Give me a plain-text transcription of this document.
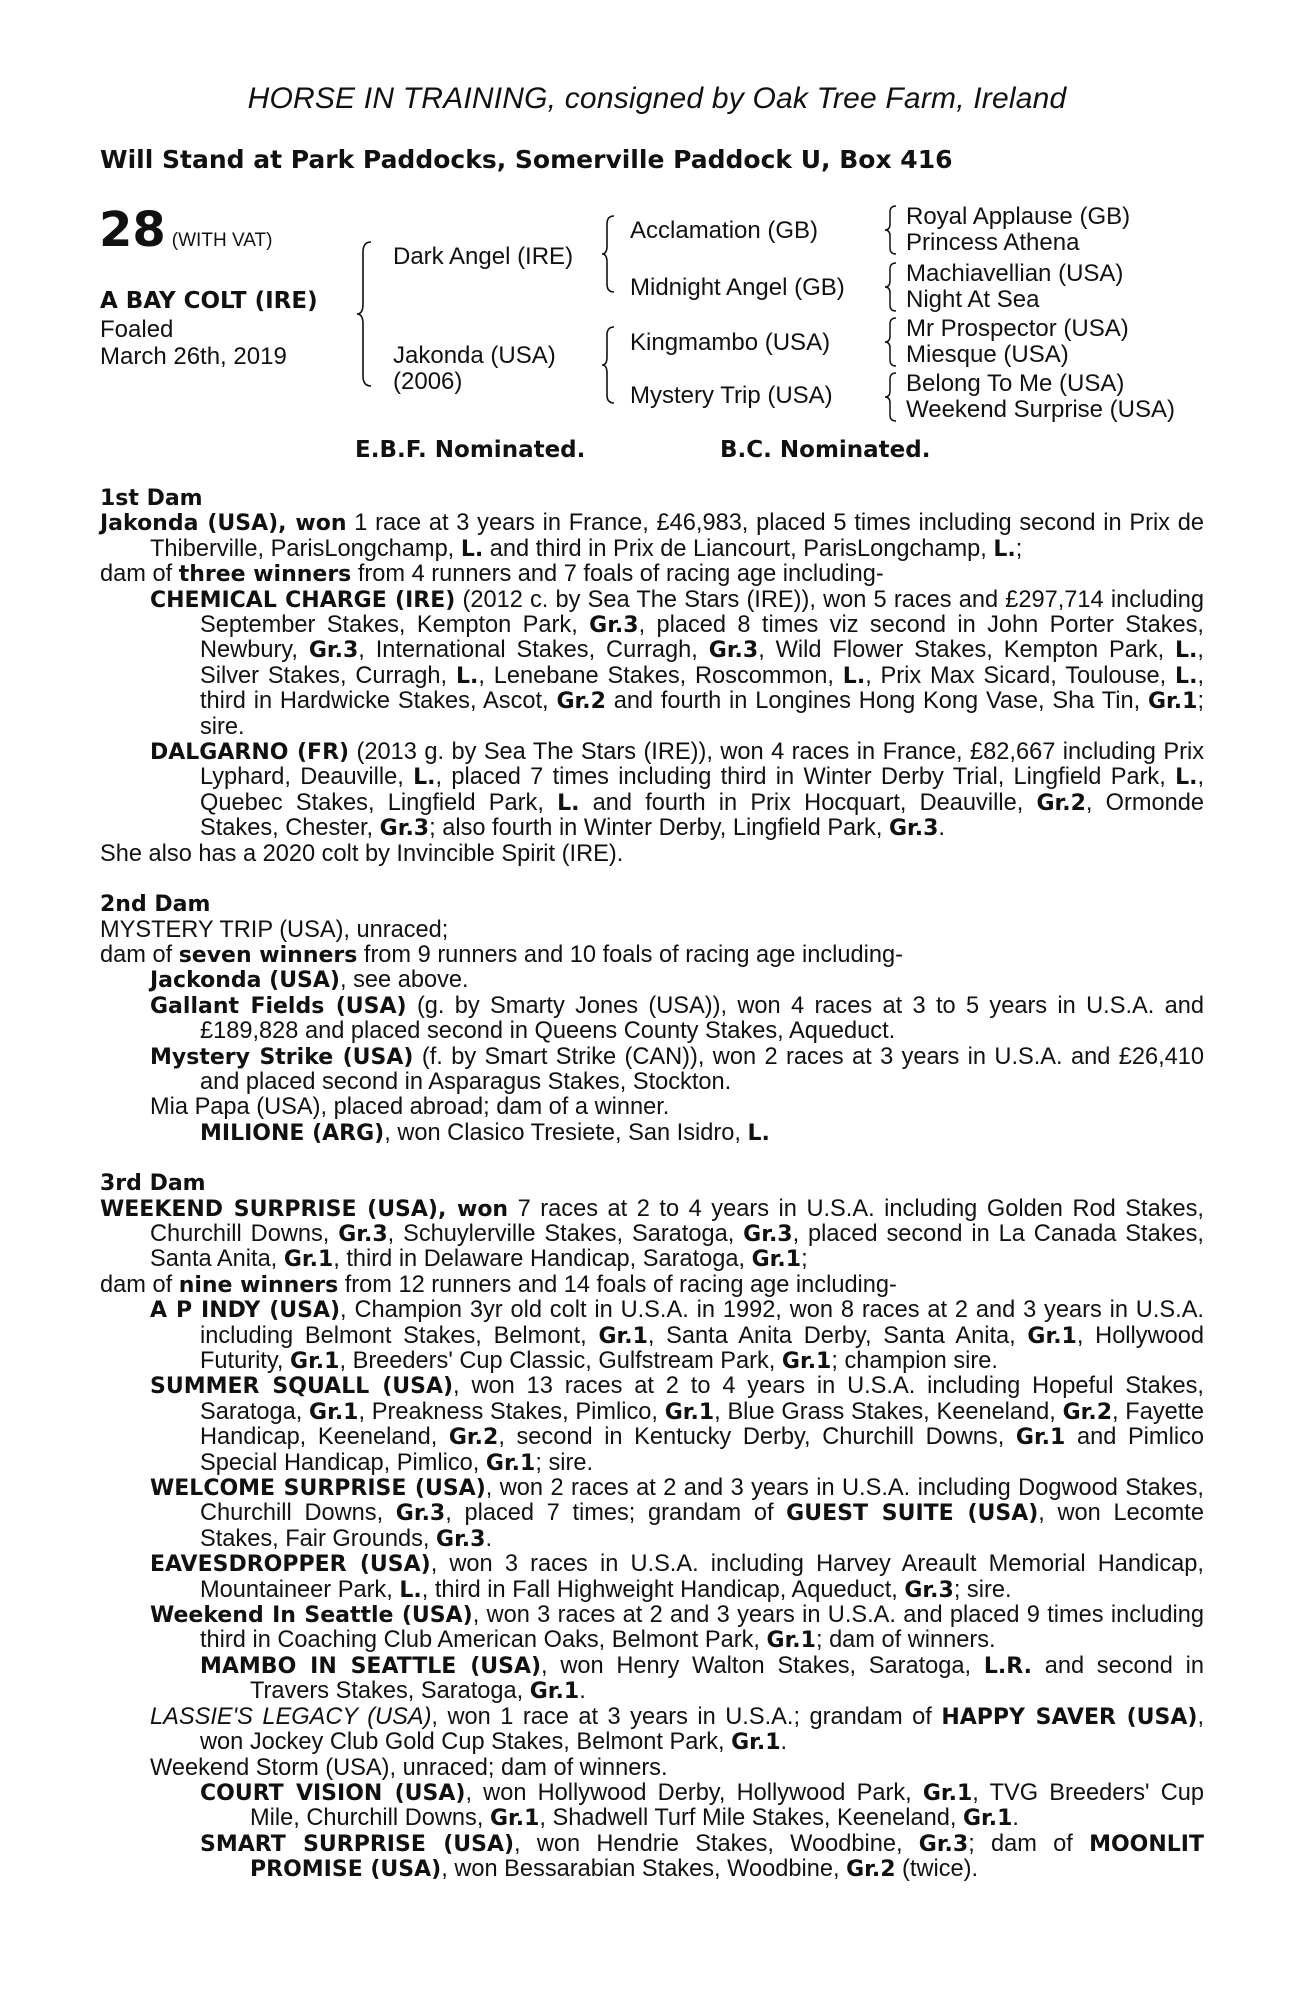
HORSE IN TRAINING, consigned by Oak Tree Farm, Ireland
Will Stand at Park Paddocks, Somerville Paddock U, Box 416
28 (WITH VAT)
A BAY COLT (IRE)
Foaled
March 26th, 2019
Dark Angel (IRE)
Jakonda (USA)
(2006)
Acclamation (GB)
Midnight Angel (GB)
Kingmambo (USA)
Mystery Trip (USA)
Royal Applause (GB)
Princess Athena
Machiavellian (USA)
Night At Sea
Mr Prospector (USA)
Miesque (USA)
Belong To Me (USA)
Weekend Surprise (USA)
E.B.F. Nominated.	B.C. Nominated.
1st Dam
Jakonda (USA), won 1 race at 3 years in France, £46,983, placed 5 times including second in Prix de Thiberville, ParisLongchamp, L. and third in Prix de Liancourt, ParisLongchamp, L.;
dam of three winners from 4 runners and 7 foals of racing age including-
CHEMICAL CHARGE (IRE) (2012 c. by Sea The Stars (IRE)), won 5 races and £297,714 including September Stakes, Kempton Park, Gr.3, placed 8 times viz second in John Porter Stakes, Newbury, Gr.3, International Stakes, Curragh, Gr.3, Wild Flower Stakes, Kempton Park, L., Silver Stakes, Curragh, L., Lenebane Stakes, Roscommon, L., Prix Max Sicard, Toulouse, L., third in Hardwicke Stakes, Ascot, Gr.2 and fourth in Longines Hong Kong Vase, Sha Tin, Gr.1; sire.
DALGARNO (FR) (2013 g. by Sea The Stars (IRE)), won 4 races in France, £82,667 including Prix Lyphard, Deauville, L., placed 7 times including third in Winter Derby Trial, Lingfield Park, L., Quebec Stakes, Lingfield Park, L. and fourth in Prix Hocquart, Deauville, Gr.2, Ormonde Stakes, Chester, Gr.3; also fourth in Winter Derby, Lingfield Park, Gr.3.
She also has a 2020 colt by Invincible Spirit (IRE).
2nd Dam
MYSTERY TRIP (USA), unraced;
dam of seven winners from 9 runners and 10 foals of racing age including-
Jackonda (USA), see above.
Gallant Fields (USA) (g. by Smarty Jones (USA)), won 4 races at 3 to 5 years in U.S.A. and £189,828 and placed second in Queens County Stakes, Aqueduct.
Mystery Strike (USA) (f. by Smart Strike (CAN)), won 2 races at 3 years in U.S.A. and £26,410 and placed second in Asparagus Stakes, Stockton.
Mia Papa (USA), placed abroad; dam of a winner.
MILIONE (ARG), won Clasico Tresiete, San Isidro, L.
3rd Dam
WEEKEND SURPRISE (USA), won 7 races at 2 to 4 years in U.S.A. including Golden Rod Stakes, Churchill Downs, Gr.3, Schuylerville Stakes, Saratoga, Gr.3, placed second in La Canada Stakes, Santa Anita, Gr.1, third in Delaware Handicap, Saratoga, Gr.1;
dam of nine winners from 12 runners and 14 foals of racing age including-
A P INDY (USA), Champion 3yr old colt in U.S.A. in 1992, won 8 races at 2 and 3 years in U.S.A. including Belmont Stakes, Belmont, Gr.1, Santa Anita Derby, Santa Anita, Gr.1, Hollywood Futurity, Gr.1, Breeders' Cup Classic, Gulfstream Park, Gr.1; champion sire.
SUMMER SQUALL (USA), won 13 races at 2 to 4 years in U.S.A. including Hopeful Stakes, Saratoga, Gr.1, Preakness Stakes, Pimlico, Gr.1, Blue Grass Stakes, Keeneland, Gr.2, Fayette Handicap, Keeneland, Gr.2, second in Kentucky Derby, Churchill Downs, Gr.1 and Pimlico Special Handicap, Pimlico, Gr.1; sire.
WELCOME SURPRISE (USA), won 2 races at 2 and 3 years in U.S.A. including Dogwood Stakes, Churchill Downs, Gr.3, placed 7 times; grandam of GUEST SUITE (USA), won Lecomte Stakes, Fair Grounds, Gr.3.
EAVESDROPPER (USA), won 3 races in U.S.A. including Harvey Areault Memorial Handicap, Mountaineer Park, L., third in Fall Highweight Handicap, Aqueduct, Gr.3; sire.
Weekend In Seattle (USA), won 3 races at 2 and 3 years in U.S.A. and placed 9 times including third in Coaching Club American Oaks, Belmont Park, Gr.1; dam of winners.
MAMBO IN SEATTLE (USA), won Henry Walton Stakes, Saratoga, L.R. and second in Travers Stakes, Saratoga, Gr.1.
LASSIE'S LEGACY (USA), won 1 race at 3 years in U.S.A.; grandam of HAPPY SAVER (USA), won Jockey Club Gold Cup Stakes, Belmont Park, Gr.1.
Weekend Storm (USA), unraced; dam of winners.
COURT VISION (USA), won Hollywood Derby, Hollywood Park, Gr.1, TVG Breeders' Cup Mile, Churchill Downs, Gr.1, Shadwell Turf Mile Stakes, Keeneland, Gr.1.
SMART SURPRISE (USA), won Hendrie Stakes, Woodbine, Gr.3; dam of MOONLIT PROMISE (USA), won Bessarabian Stakes, Woodbine, Gr.2 (twice).
